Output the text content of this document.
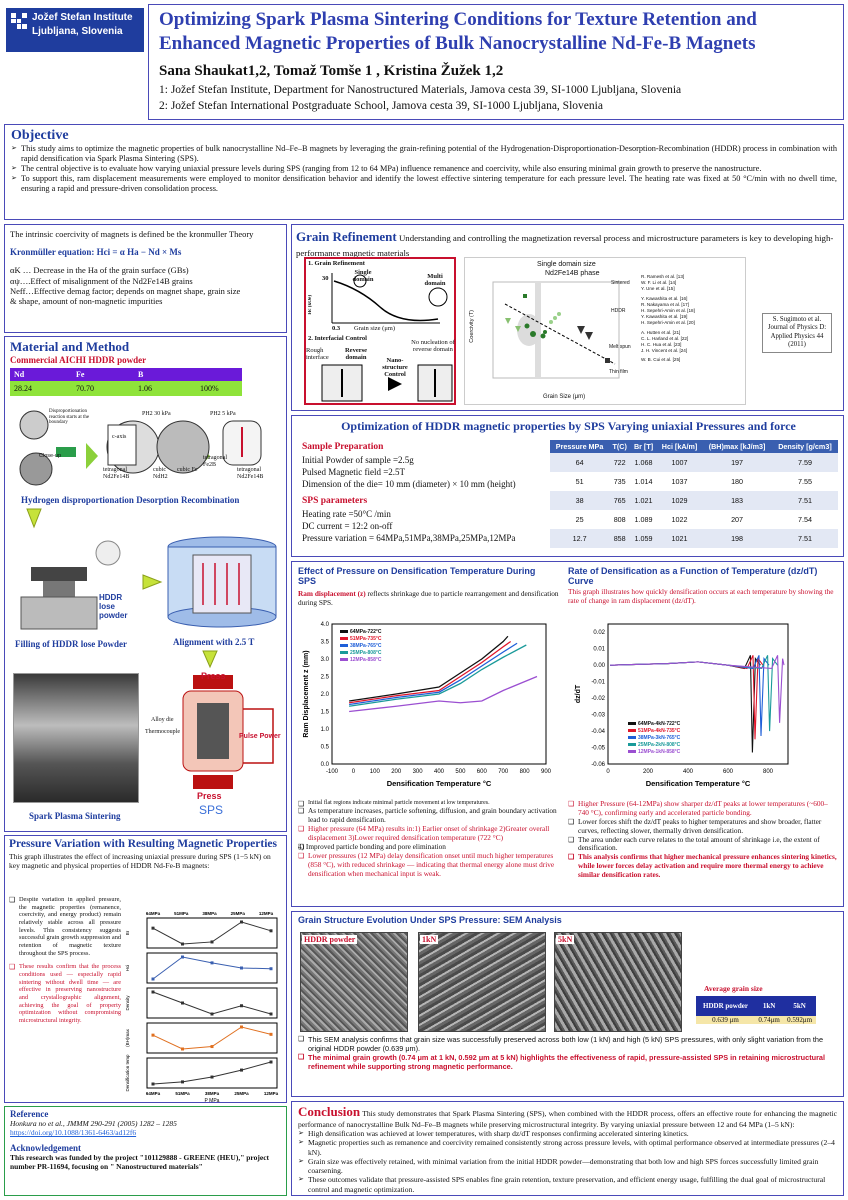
Jožef Stefan Institute
Ljubljana, Slovenia
Optimizing Spark Plasma Sintering Conditions for Texture Retention and
Enhanced Magnetic Properties of Bulk Nanocrystalline Nd-Fe-B Magnets
Sana Shaukat1,2, Tomaž Tomše 1 , Kristina Žužek 1,2
1: Jožef Stefan Institute, Department for Nanostructured Materials, Jamova cesta 39, SI-1000 Ljubljana, Slovenia
2: Jožef Stefan International Postgraduate School, Jamova cesta 39, SI-1000 Ljubljana, Slovenia
Objective
➢ This study aims to optimize the magnetic properties of bulk nanocrystalline Nd–Fe–B magnets by leveraging the grain-refining potential of the Hydrogenation-Disproportionation-Desorption-Recombination (HDDR) process in combination with rapid densification via Spark Plasma Sintering (SPS).
➢ The central objective is to evaluate how varying uniaxial pressure levels during SPS (ranging from 12 to 64 MPa) influence remanence and coercivity, while also ensuring minimal grain growth to preserve the nanostructure.
➢ To support this, ram displacement measurements were employed to monitor densification behavior and identify the lowest effective sintering temperature for each pressure level. The heating rate was fixed at 50 °C/min with no dwell time, ensuring a rapid and pressure-driven consolidation process.
The intrinsic coercivity of magnets is defined be the kronmuller Theory
Kronmüller equation: Hci = α Ha − Nd × Ms
αK … Decrease in the Ha of the grain surface (GBs)
αψ….Effect of misalignment of the Nd2Fe14B grains
Neff…Effective demag factor; depends on magnet shape, grain size
& shape, amount of non-magnetic impurities
Material and Method
Commercial AICHI HDDR powder
Nd	Fe	B	
28.24	70.70	1.06	100%
Disproportionation reaction starts at the boundary
Close-up
PH2 30 kPa	PH2 5 kPa
c-axis
tetragonal Nd2Fe14B
cubic NdH2
cubic Fe
tetragonal Fe2B
tetragonal Nd2Fe14B
Hydrogen disproportionation Desorption Recombination
HDDR lose powder
Filling of HDDR lose Powder	Alignment with 2.5 T
Press
Press
Alloy die
Thermocouple
Pulse Power
SPS
Spark Plasma Sintering
Pressure Variation with Resulting Magnetic Properties
This graph illustrates the effect of increasing uniaxial pressure during SPS (1−5 kN) on key magnetic and physical properties of HDDR Nd-Fe-B magnets:
❑ Despite variation in applied pressure, the magnetic properties (remanence, coercivity, and energy product) remain relatively stable across all pressure levels. This consistency suggests successful grain growth suppression and retention of magnetic texture throughout the SPS process.
❑ These results confirm that the process conditions used — especially rapid sintering without dwell time — are effective in preserving nanostructure and crystallographic alignment, achieving the goal of property optimization without compromising microstructural integrity.
64MPa	51MPa	38MPa	25MPa	12MPa
Br
Hci
Density
(BH)max
Densification temp
64MPa	51MPa	38MPa	25MPa	12MPa
P MPa
Reference
Honkura no et al., JMMM 290-291 (2005) 1282 – 1285
https://doi.org/10.1088/1361-6463/ad12f6
Acknowledgement
This research was funded by the project "101129888 - GREENE (HEU)," project number PR-11694, focusing on " Nanostructured materials"
Grain Refinement Understanding and controlling the magnetization reversal process and microstructure parameters is key to developing high-performance magnetic materials
1. Grain Refinement
Single domain	Multi domain
30
Hc (kOe)
0.3 Grain size (μm)
2. Interfacial Control
Rough interface
Reverse domain	Nano-structure Control
No nucleation of reverse domain
Single domain size
Nd2Fe14B phase
Coercivity (T)
Grain Size (μm)
R. Ramesh et al. [13]
W. F. Li et al. [14]
Y. Une et al. [15]
Y. Kawashita et al. [16]
R. Nakayama et al. [17]
H. Sepehri-Amin et al. [18]
Y. Kawashita et al. [19]
H. Sepehri-Amin et al. [20]
A. Hutten et al. [21]
C. L. Harland et al. [22]
H. C. Hua et al. [23]
J. H. Vincent et al. [24]
W. B. Cui et al. [25]
Sintered
HDDR
Melt spun
Thin film
S. Sugimoto et al. Journal of Physics D: Applied Physics 44 (2011)
Optimization of HDDR magnetic properties by SPS Varying uniaxial Pressures and force
Sample Preparation
Initial Powder of sample =2.5g
Pulsed Magnetic field =2.5T
Dimension of the die= 10 mm (diameter) × 10 mm (height)
SPS parameters
Heating rate =50°C /min
DC current = 12:2 on-off
Pressure variation = 64MPa,51MPa,38MPa,25MPa,12MPa
Pressure MPa	T(C)	Br [T]	Hci [kA/m]	(BH)max [kJ/m3]	Density [g/cm3]
64	722	1.068	1007	197	7.59
51	735	1.014	1037	180	7.55
38	765	1.021	1029	183	7.51
25	808	1.089	1022	207	7.54
12.7	858	1.059	1021	198	7.51
Effect of Pressure on Densification Temperature During SPS
Ram displacement (z) reflects shrinkage due to particle rearrangement and densification during SPS.
Rate of Densification as a Function of Temperature (dz/dT) Curve
This graph illustrates how quickly densification occurs at each temperature by showing the rate of change in ram displacement (dz/dT).
-100 0 100 200 300 400 500 600 700 800 900
0.0
0.5
1.0
1.5
2.0
2.5
3.0
3.5
4.0
Densification Temperature °C
Ram Displacement z (mm)
64MPa-722°C
51MPa-735°C
38MPa-765°C
25MPa-808°C
12MPa-858°C
0	200	400	600	800
0.02
0.01
0.00
-0.01
-0.02
-0.03
-0.04
-0.05
-0.06
Densification Temperature °C
dz/dT
64MPa-4kN-722°C
51MPa-4kN-735°C
38MPa-3kN-765°C
25MPa-2kN-808°C
12MPa-1kN-858°C
❑ Initial flat regions indicate minimal particle movement at low temperatures.
❑ As temperature increases, particle softening, diffusion, and grain boundary activation lead to rapid densification.
❑ Higher pressure (64 MPa) results in:1) Earlier onset of shrinkage 2)Greater overall displacement 3)Lower required densification temperature (722 °C)
❑ 4) Improved particle bonding and pore elimination
❑ Lower pressures (12 MPa) delay densification onset until much higher temperatures (858 °C), with reduced shrinkage — indicating that thermal energy alone must drive densification when mechanical input is weak.
❑ Higher Pressure (64-12MPa) show sharper dz/dT peaks at lower temperatures (~600–740 °C), confirming early and accelerated particle bonding.
❑ Lower forces shift the dz/dT peaks to higher temperatures and show broader, flatter curves, reflecting slower, thermally driven densification.
❑ The area under each curve relates to the total amount of shrinkage i.e, the extent of densification.
❑ This analysis confirms that higher mechanical pressure enhances sintering kinetics, while lower forces delay activation and require more thermal energy to achieve similar densification rates.
Grain Structure Evolution Under SPS Pressure: SEM Analysis
HDDR powder	1kN	5kN
Average grain size
HDDR powder	1kN	5kN
0.639 μm	0.74μm	0.592μm
❑ This SEM analysis confirms that grain size was successfully preserved across both low (1 kN) and high (5 kN) SPS pressures, with only slight variation from the original HDDR powder (0.639 μm).
❑ The minimal grain growth (0.74 μm at 1 kN, 0.592 μm at 5 kN) highlights the effectiveness of rapid, pressure-assisted SPS in retaining microstructural refinement while supporting strong magnetic performance.
Conclusion This study demonstrates that Spark Plasma Sintering (SPS), when combined with the HDDR process, offers an effective route for enhancing the magnetic performance of nanocrystalline Bulk Nd–Fe–B magnets while preserving microstructural integrity. By varying uniaxial pressure between 12 and 64 MPa (1–5 kN):
➢ High densification was achieved at lower temperatures, with sharp dz/dT responses confirming accelerated sintering kinetics.
➢ Magnetic properties such as remanence and coercivity remained consistently strong across pressure levels, with optimal performance observed at intermediate pressures (2–4 kN).
➢ Grain size was effectively retained, with minimal variation from the initial HDDR powder—demonstrating that both low and high SPS forces successfully limited grain coarsening.
➢ These outcomes validate that pressure-assisted SPS enables fine grain retention, texture preservation, and efficient energy usage, fulfilling the dual goal of microstructural control and magnetic optimization.
